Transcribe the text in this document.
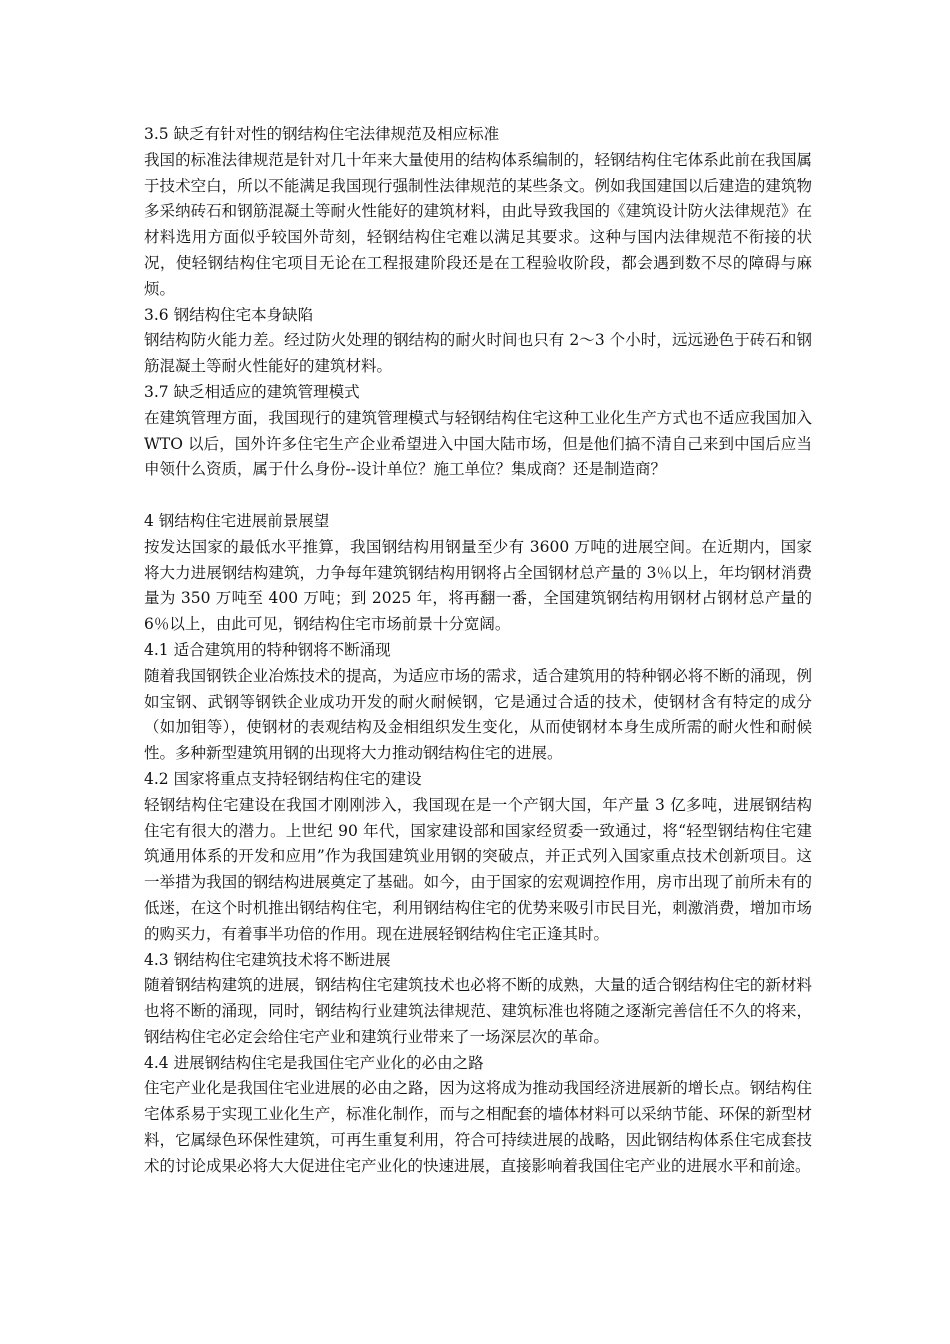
3.5 缺乏有针对性的钢结构住宅法律规范及相应标准

我国的标准法律规范是针对几十年来大量使用的结构体系编制的，轻钢结构住宅体系此前在我国属于技术空白，所以不能满足我国现行强制性法律规范的某些条文。例如我国建国以后建造的建筑物多采纳砖石和钢筋混凝土等耐火性能好的建筑材料，由此导致我国的《建筑设计防火法律规范》在材料选用方面似乎较国外苛刻，轻钢结构住宅难以满足其要求。这种与国内法律规范不衔接的状况，使轻钢结构住宅项目无论在工程报建阶段还是在工程验收阶段，都会遇到数不尽的障碍与麻烦。

3.6 钢结构住宅本身缺陷

钢结构防火能力差。经过防火处理的钢结构的耐火时间也只有 2～3 个小时，远远逊色于砖石和钢筋混凝土等耐火性能好的建筑材料。

3.7 缺乏相适应的建筑管理模式

在建筑管理方面，我国现行的建筑管理模式与轻钢结构住宅这种工业化生产方式也不适应我国加入 WTO 以后，国外许多住宅生产企业希望进入中国大陆市场，但是他们搞不清自己来到中国后应当申领什么资质，属于什么身份--设计单位？施工单位？集成商？还是制造商？

4 钢结构住宅进展前景展望

按发达国家的最低水平推算，我国钢结构用钢量至少有 3600 万吨的进展空间。在近期内，国家将大力进展钢结构建筑，力争每年建筑钢结构用钢将占全国钢材总产量的 3％以上，年均钢材消费量为 350 万吨至 400 万吨；到 2025 年，将再翻一番，全国建筑钢结构用钢材占钢材总产量的 6％以上，由此可见，钢结构住宅市场前景十分宽阔。

4.1 适合建筑用的特种钢将不断涌现

随着我国钢铁企业冶炼技术的提高，为适应市场的需求，适合建筑用的特种钢必将不断的涌现，例如宝钢、武钢等钢铁企业成功开发的耐火耐候钢，它是通过合适的技术，使钢材含有特定的成分（如加钼等），使钢材的表观结构及金相组织发生变化，从而使钢材本身生成所需的耐火性和耐候性。多种新型建筑用钢的出现将大力推动钢结构住宅的进展。

4.2 国家将重点支持轻钢结构住宅的建设

轻钢结构住宅建设在我国才刚刚涉入，我国现在是一个产钢大国，年产量 3 亿多吨，进展钢结构住宅有很大的潜力。上世纪 90 年代，国家建设部和国家经贸委一致通过，将“轻型钢结构住宅建筑通用体系的开发和应用”作为我国建筑业用钢的突破点，并正式列入国家重点技术创新项目。这一举措为我国的钢结构进展奠定了基础。如今，由于国家的宏观调控作用，房市出现了前所未有的低迷，在这个时机推出钢结构住宅，利用钢结构住宅的优势来吸引市民目光，刺激消费，增加市场的购买力，有着事半功倍的作用。现在进展轻钢结构住宅正逢其时。

4.3 钢结构住宅建筑技术将不断进展

随着钢结构建筑的进展，钢结构住宅建筑技术也必将不断的成熟，大量的适合钢结构住宅的新材料也将不断的涌现，同时，钢结构行业建筑法律规范、建筑标准也将随之逐渐完善信任不久的将来，钢结构住宅必定会给住宅产业和建筑行业带来了一场深层次的革命。

4.4 进展钢结构住宅是我国住宅产业化的必由之路

住宅产业化是我国住宅业进展的必由之路，因为这将成为推动我国经济进展新的增长点。钢结构住宅体系易于实现工业化生产，标准化制作，而与之相配套的墙体材料可以采纳节能、环保的新型材料，它属绿色环保性建筑，可再生重复利用，符合可持续进展的战略，因此钢结构体系住宅成套技术的讨论成果必将大大促进住宅产业化的快速进展，直接影响着我国住宅产业的进展水平和前途。
